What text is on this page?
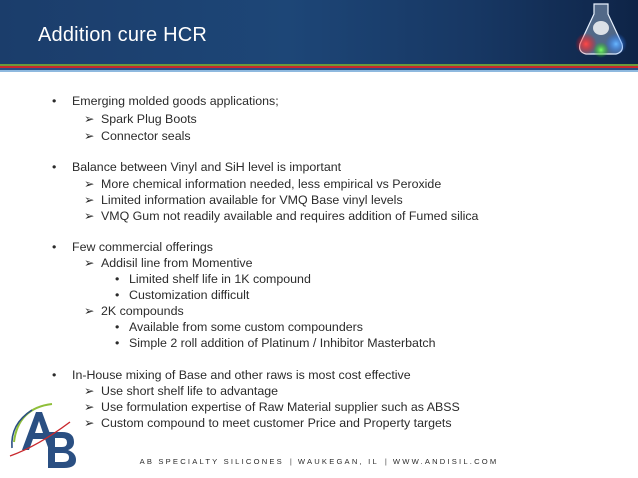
Addition cure HCR
• Emerging molded goods applications;
➢ Spark Plug Boots
➢ Connector seals
• Balance between Vinyl and SiH level is important
➢ More chemical information needed, less empirical vs Peroxide
➢ Limited information available for VMQ Base vinyl levels
➢ VMQ Gum not readily available and requires addition of Fumed silica
• Few commercial offerings
➢ Addisil line from Momentive
• Limited shelf life in 1K compound
• Customization difficult
➢ 2K compounds
• Available from some custom compounders
• Simple 2 roll addition of Platinum / Inhibitor Masterbatch
• In-House mixing of Base and other raws is most cost effective
➢ Use short shelf life to advantage
➢ Use formulation expertise of Raw Material supplier such as ABSS
➢ Custom compound to meet customer Price and Property targets
AB
AB SPECIALTY SILICONES | WAUKEGAN, IL | WWW.ANDISIL.COM
